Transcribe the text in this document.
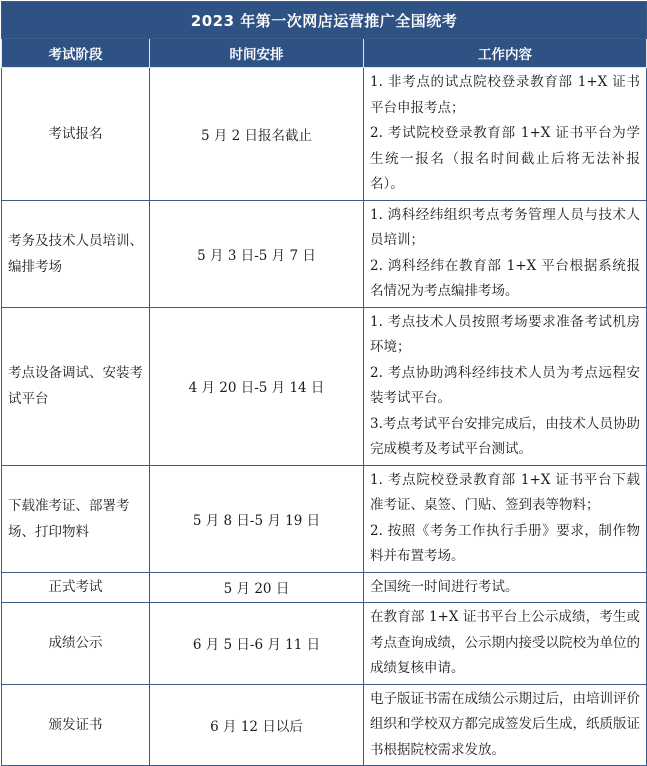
2023 年第一次网店运营推广全国统考		
考试阶段	时间安排	工作内容
考试报名	5 月 2 日报名截止	1. 非考点的试点院校登录教育部 1+X 证书平台申报考点；

2. 考试院校登录教育部 1+X 证书平台为学生统一报名（报名时间截止后将无法补报名）。

考务及技术人员培训、 编排考场	5 月 3 日-5 月 7 日	1. 鸿科经纬组织考点考务管理人员与技术人员培训；

2. 鸿科经纬在教育部 1+X 平台根据系统报名情况为考点编排考场。

考点设备调试、安装考试平台	4 月 20 日-5 月 14 日	1. 考点技术人员按照考场要求准备考试机房环境；

2. 考点协助鸿科经纬技术人员为考点远程安装考试平台。

3.考点考试平台安排完成后，由技术人员协助完成模考及考试平台测试。

下载准考证、部署考场、打印物料	5 月 8 日-5 月 19 日	1. 考点院校登录教育部 1+X 证书平台下载准考证、桌签、门贴、签到表等物料；

2. 按照《考务工作执行手册》要求，制作物料并布置考场。

正式考试	5 月 20 日	全国统一时间进行考试。

成绩公示	6 月 5 日-6 月 11 日	在教育部 1+X 证书平台上公示成绩，考生或考点查询成绩，公示期内接受以院校为单位的成绩复核申请。

颁发证书	6 月 12 日以后	电子版证书需在成绩公示期过后，由培训评价组织和学校双方都完成签发后生成，纸质版证书根据院校需求发放。
